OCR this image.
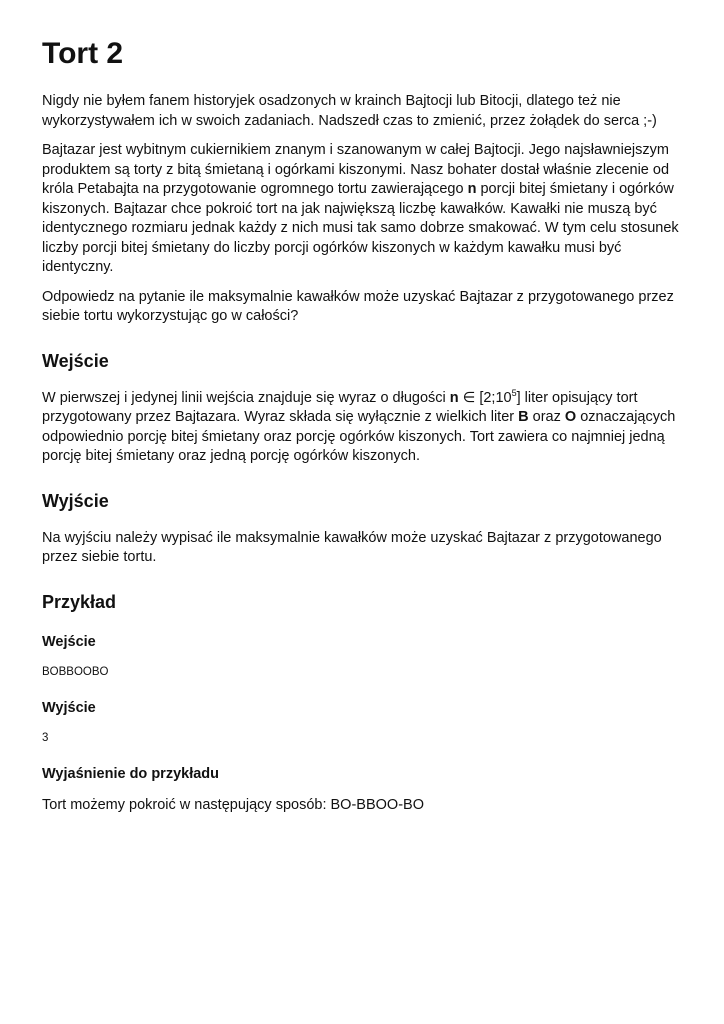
Tort 2

Nigdy nie byłem fanem historyjek osadzonych w krainch Bajtocji lub Bitocji, dlatego też nie wykorzystywałem ich w swoich zadaniach. Nadszedł czas to zmienić, przez żołądek do serca ;-)

Bajtazar jest wybitnym cukiernikiem znanym i szanowanym w całej Bajtocji. Jego najsławniejszym produktem są torty z bitą śmietaną i ogórkami kiszonymi. Nasz bohater dostał właśnie zlecenie od króla Petabajta na przygotowanie ogromnego tortu zawierającego n porcji bitej śmietany i ogórków kiszonych. Bajtazar chce pokroić tort na jak największą liczbę kawałków. Kawałki nie muszą być identycznego rozmiaru jednak każdy z nich musi tak samo dobrze smakować. W tym celu stosunek liczby porcji bitej śmietany do liczby porcji ogórków kiszonych w każdym kawałku musi być identyczny.

Odpowiedz na pytanie ile maksymalnie kawałków może uzyskać Bajtazar z przygotowanego przez siebie tortu wykorzystując go w całości?

Wejście

W pierwszej i jedynej linii wejścia znajduje się wyraz o długości n ∈ $[2;10^5]$ liter opisujący tort przygotowany przez Bajtazara. Wyraz składa się wyłącznie z wielkich liter B oraz O oznaczających odpowiednio porcję bitej śmietany oraz porcję ogórków kiszonych. Tort zawiera co najmniej jedną porcję bitej śmietany oraz jedną porcję ogórków kiszonych.

Wyjście

Na wyjściu należy wypisać ile maksymalnie kawałków może uzyskać Bajtazar z przygotowanego przez siebie tortu.

Przykład
Wejście

BOBBOOBO

Wyjście

3

Wyjaśnienie do przykładu

Tort możemy pokroić w następujący sposób: BO-BBOO-BO
